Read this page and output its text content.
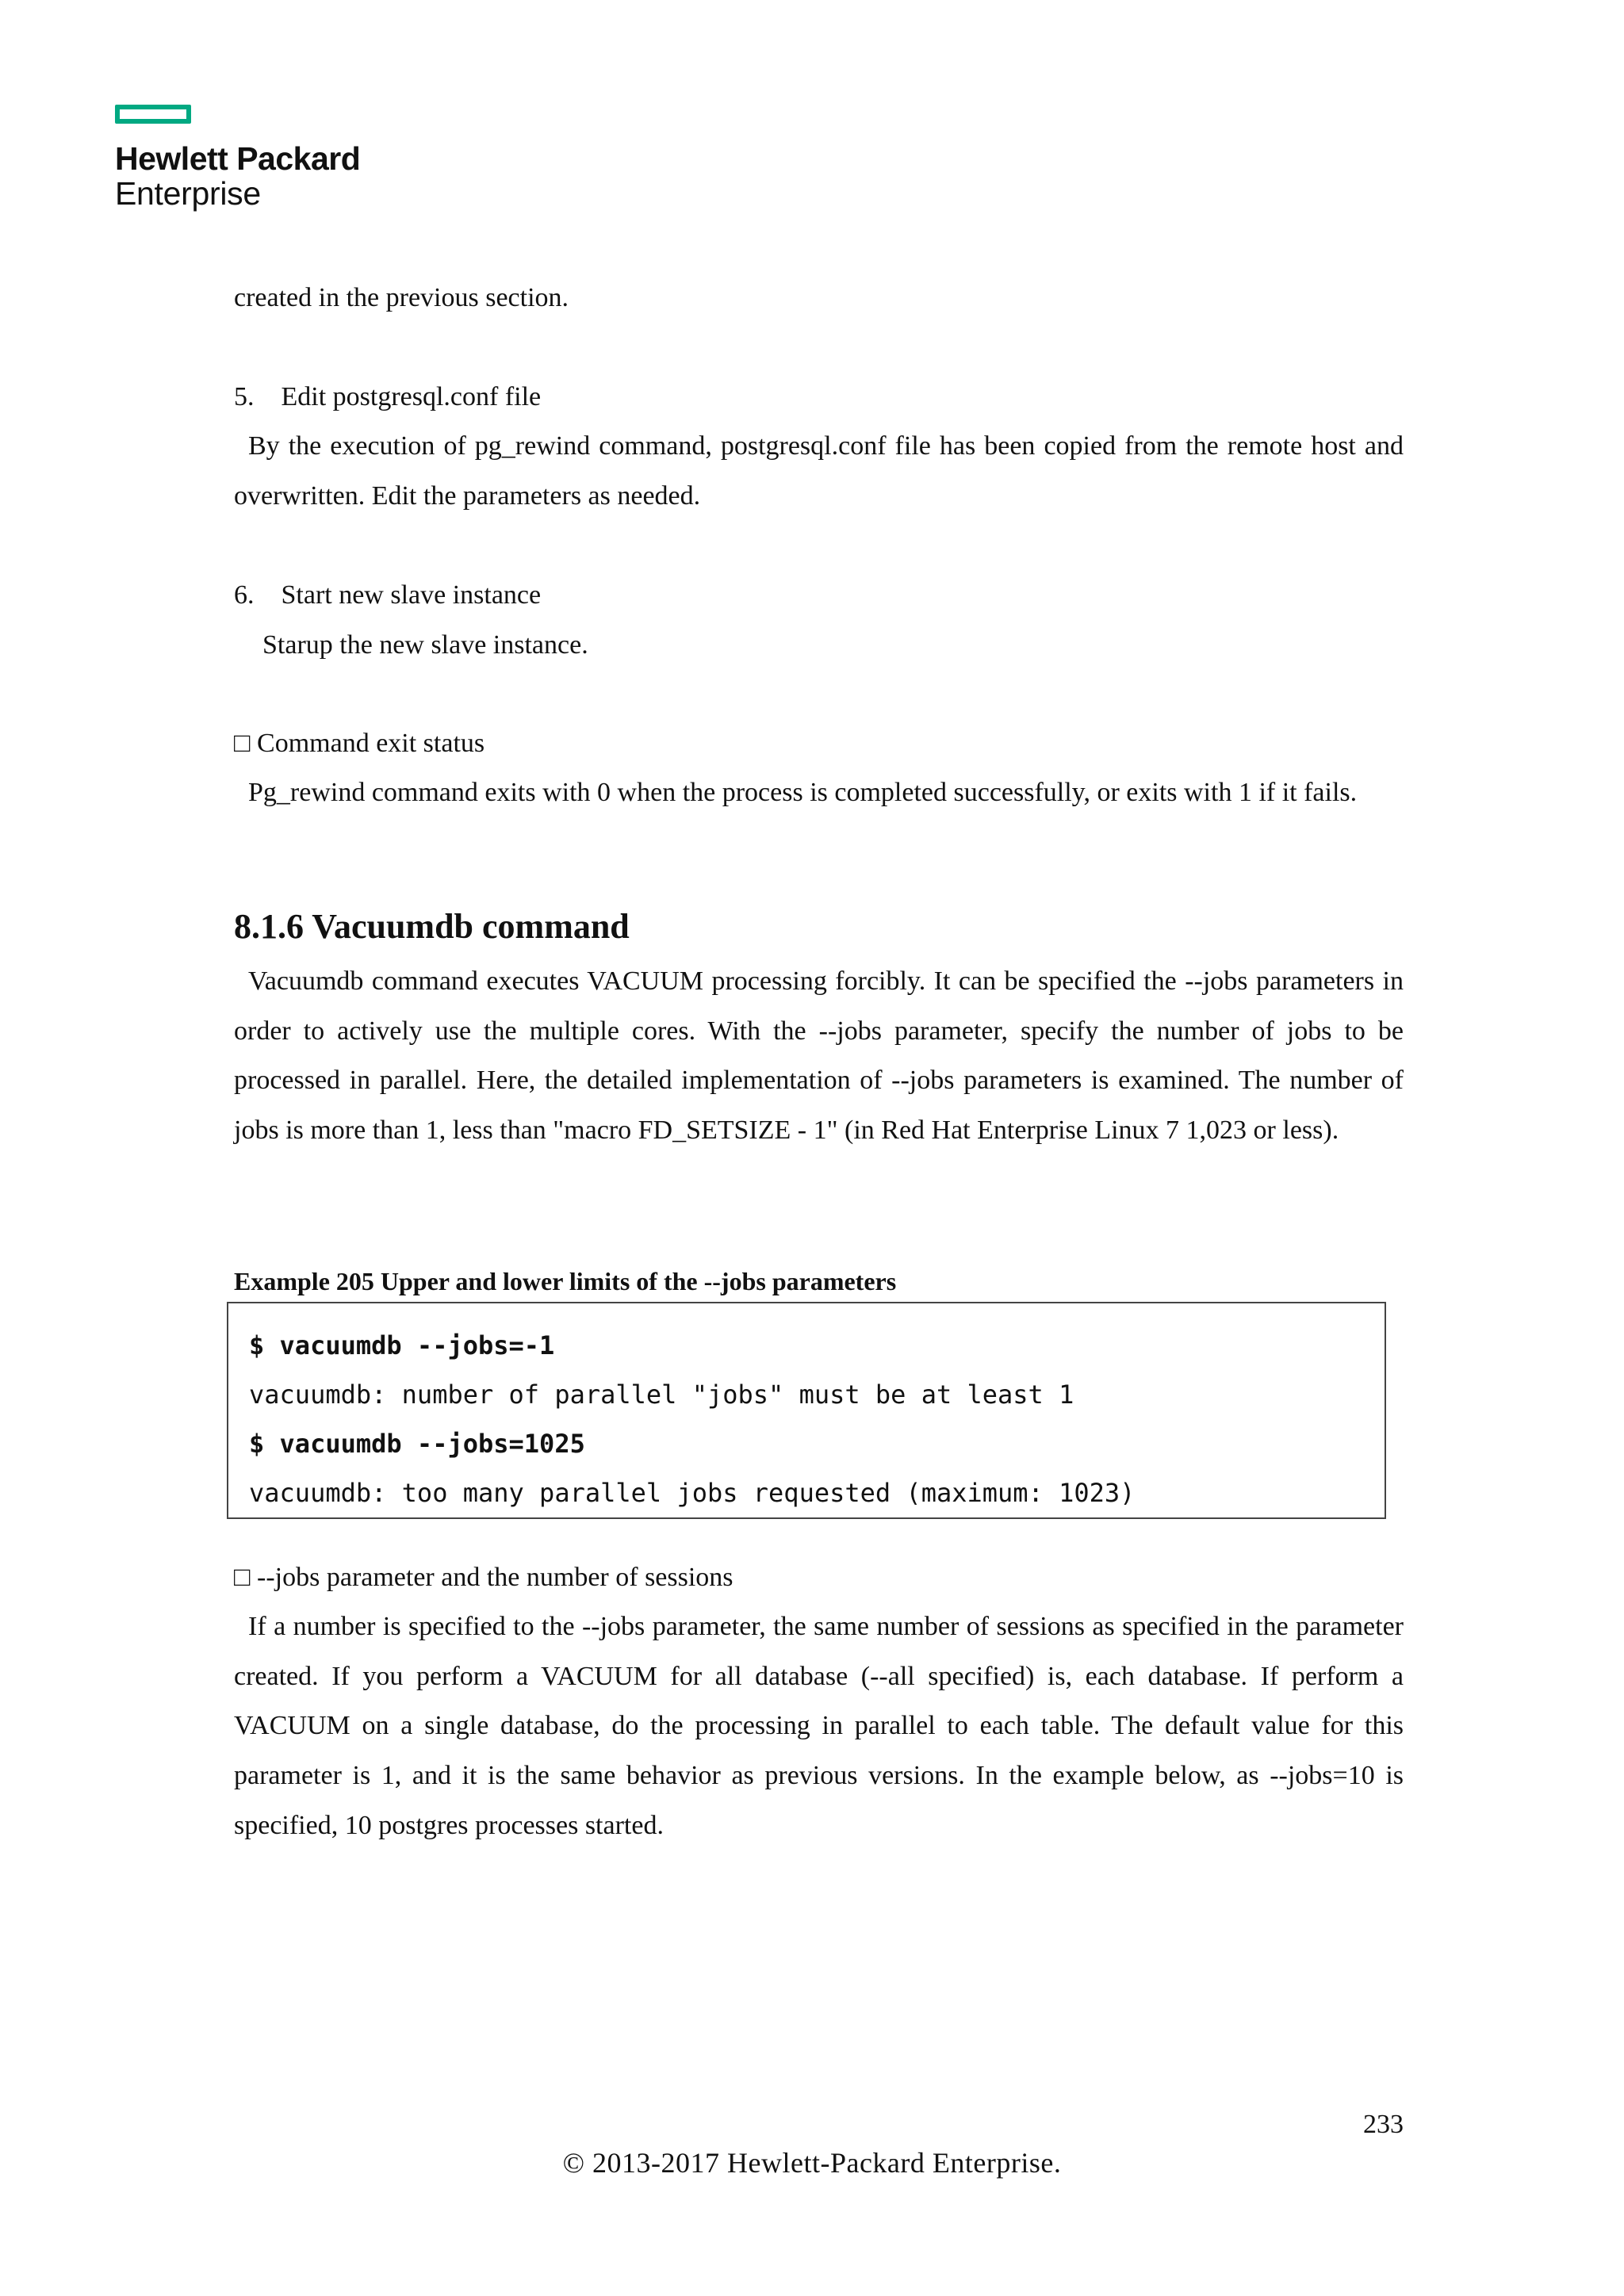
Hewlett Packard
Enterprise
created in the previous section.
5.    Edit postgresql.conf file
By the execution of pg_rewind command, postgresql.conf file has been copied from the remote host and overwritten. Edit the parameters as needed.
6.    Start new slave instance
Starup the new slave instance.
□ Command exit status
Pg_rewind command exits with 0 when the process is completed successfully, or exits with 1 if it fails.
8.1.6 Vacuumdb command
Vacuumdb command executes VACUUM processing forcibly. It can be specified the --jobs parameters in order to actively use the multiple cores. With the --jobs parameter, specify the number of jobs to be processed in parallel. Here, the detailed implementation of --jobs parameters is examined. The number of jobs is more than 1, less than "macro FD_SETSIZE - 1" (in Red Hat Enterprise Linux 7 1,023 or less).
Example 205 Upper and lower limits of the --jobs parameters
□ --jobs parameter and the number of sessions
If a number is specified to the --jobs parameter, the same number of sessions as specified in the parameter created. If you perform a VACUUM for all database (--all specified) is, each database. If perform a VACUUM on a single database, do the processing in parallel to each table. The default value for this parameter is 1, and it is the same behavior as previous versions. In the example below, as --jobs=10 is specified, 10 postgres processes started.
$ vacuumdb --jobs=-1
vacuumdb: number of parallel "jobs" must be at least 1
$ vacuumdb --jobs=1025
vacuumdb: too many parallel jobs requested (maximum: 1023)
233
© 2013-2017 Hewlett-Packard Enterprise.
